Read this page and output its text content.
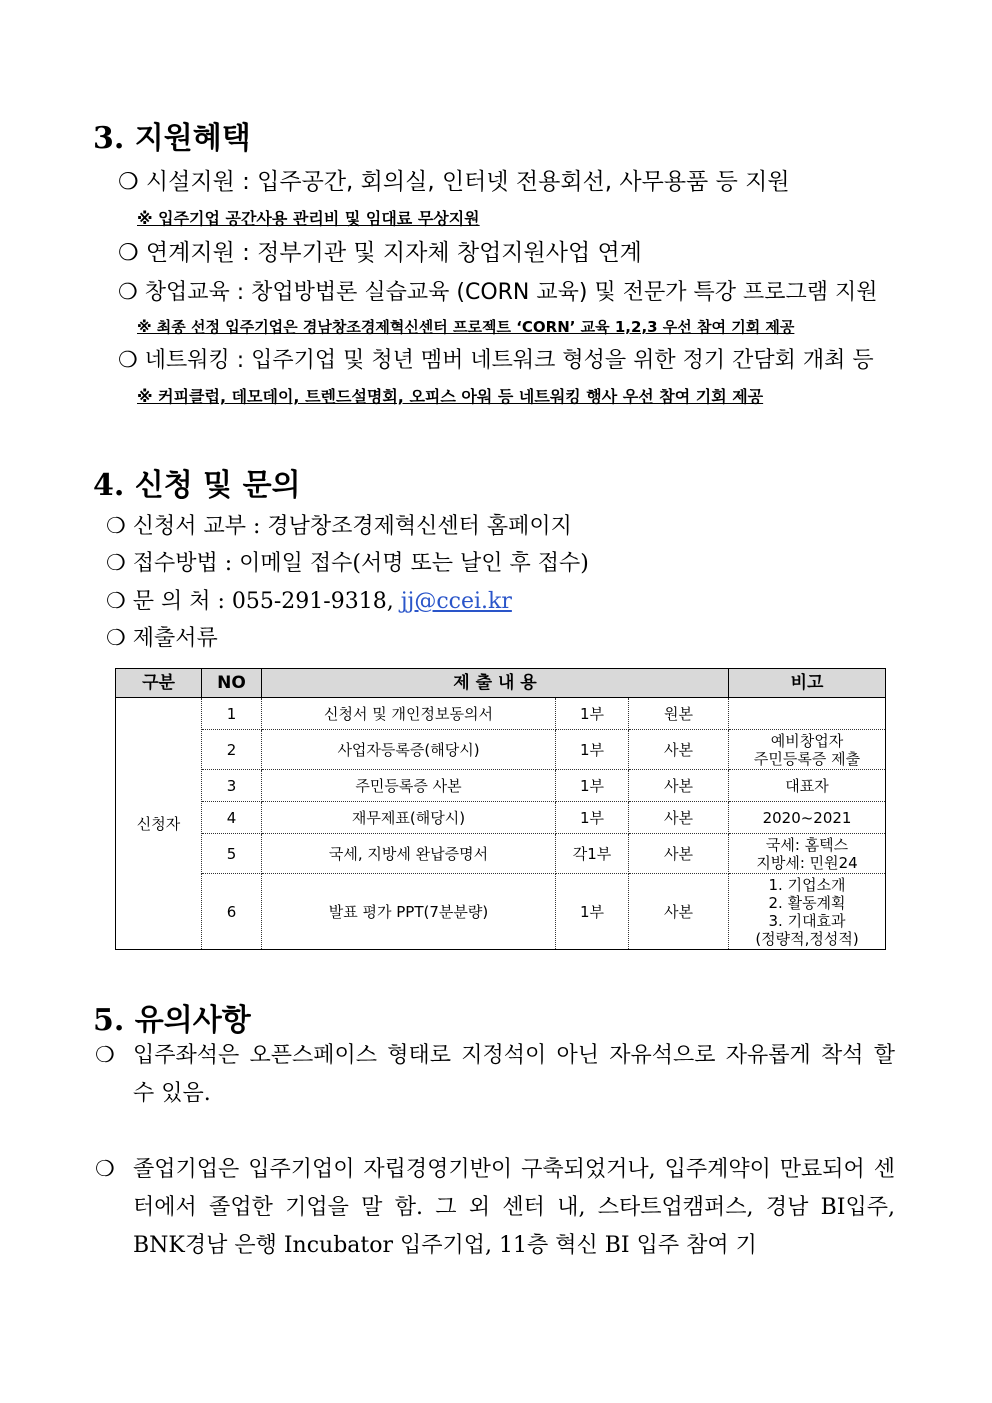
3. 지원혜택
❍ 시설지원 : 입주공간, 회의실, 인터넷 전용회선, 사무용품 등 지원
※ 입주기업 공간사용 관리비 및 임대료 무상지원
❍ 연계지원 : 정부기관 및 지자체 창업지원사업 연계
❍ 창업교육 : 창업방법론 실습교육 (CORN 교육) 및 전문가 특강 프로그램 지원
※ 최종 선정 입주기업은 경남창조경제혁신센터 프로젝트 ‘CORN’ 교육 1,2,3 우선 참여 기회 제공
❍ 네트워킹 : 입주기업 및 청년 멤버 네트워크 형성을 위한 정기 간담회 개최 등
※ 커피클럽, 데모데이, 트렌드설명회, 오피스 아워 등 네트워킹 행사 우선 참여 기회 제공
4. 신청 및 문의
❍ 신청서 교부 : 경남창조경제혁신센터 홈페이지
❍ 접수방법 : 이메일 접수(서명 또는 날인 후 접수)
❍ 문 의 처 : 055-291-9318, jj@ccei.kr
❍ 제출서류
구분	NO	제 출 내 용			비고
신청자	1	신청서 및 개인정보동의서	1부	원본	
	2	사업자등록증(해당시)	1부	사본	예비창업자
주민등록증 제출
	3	주민등록증 사본	1부	사본	대표자
	4	재무제표(해당시)	1부	사본	2020~2021
	5	국세, 지방세 완납증명서	각1부	사본	국세: 홈텍스
지방세: 민원24
	6	발표 평가 PPT(7분분량)	1부	사본	1. 기업소개
2. 활동계획
3. 기대효과
(정량적,정성적)
5. 유의사항
❍ 입주좌석은 오픈스페이스 형태로 지정석이 아닌 자유석으로 자유롭게 착석 할 수 있음.
❍ 졸업기업은 입주기업이 자립경영기반이 구축되었거나, 입주계약이 만료되어 센터에서 졸업한 기업을 말 함. 그 외 센터 내, 스타트업캠퍼스, 경남 BI입주, BNK경남 은행 Incubator 입주기업, 11층 혁신 BI 입주 참여 기
